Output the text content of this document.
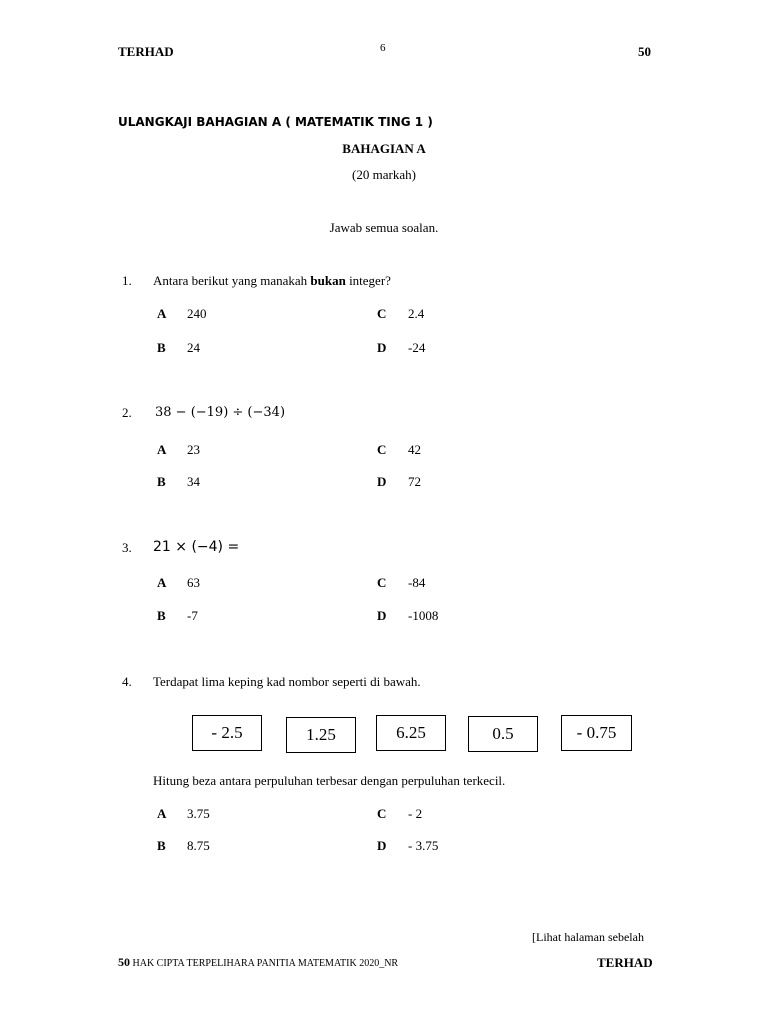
TERHAD	6	50
ULANGKAJI BAHAGIAN A ( MATEMATIK TING 1 )
BAHAGIAN A
(20 markah)
Jawab semua soalan.
1. Antara berikut yang manakah bukan integer?
A 240	C 2.4
B 24	D -24
2. 38 − (−19) ÷ (−34)
A 23	C 42
B 34	D 72
3. 21 × (−4) =
A 63	C -84
B -7	D -1008
4. Terdapat lima keping kad nombor seperti di bawah.
- 2.5	1.25	6.25	0.5	- 0.75
Hitung beza antara perpuluhan terbesar dengan perpuluhan terkecil.
A 3.75	C - 2
B 8.75	D - 3.75
[Lihat halaman sebelah
50 HAK CIPTA TERPELIHARA PANITIA MATEMATIK 2020_NR	TERHAD
